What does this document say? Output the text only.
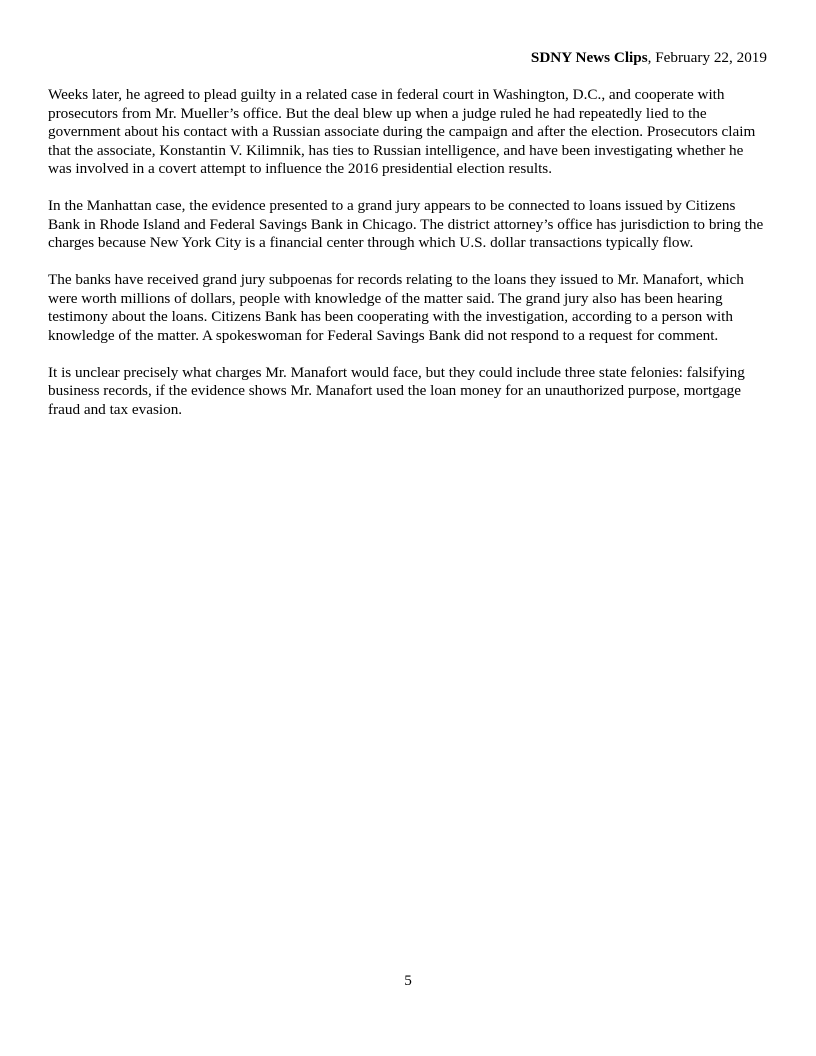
SDNY News Clips, February 22, 2019

Weeks later, he agreed to plead guilty in a related case in federal court in Washington, D.C., and cooperate with prosecutors from Mr. Mueller’s office. But the deal blew up when a judge ruled he had repeatedly lied to the government about his contact with a Russian associate during the campaign and after the election. Prosecutors claim that the associate, Konstantin V. Kilimnik, has ties to Russian intelligence, and have been investigating whether he was involved in a covert attempt to influence the 2016 presidential election results.

In the Manhattan case, the evidence presented to a grand jury appears to be connected to loans issued by Citizens Bank in Rhode Island and Federal Savings Bank in Chicago. The district attorney’s office has jurisdiction to bring the charges because New York City is a financial center through which U.S. dollar transactions typically flow.

The banks have received grand jury subpoenas for records relating to the loans they issued to Mr. Manafort, which were worth millions of dollars, people with knowledge of the matter said. The grand jury also has been hearing testimony about the loans. Citizens Bank has been cooperating with the investigation, according to a person with knowledge of the matter. A spokeswoman for Federal Savings Bank did not respond to a request for comment.

It is unclear precisely what charges Mr. Manafort would face, but they could include three state felonies: falsifying business records, if the evidence shows Mr. Manafort used the loan money for an unauthorized purpose, mortgage fraud and tax evasion.

5
